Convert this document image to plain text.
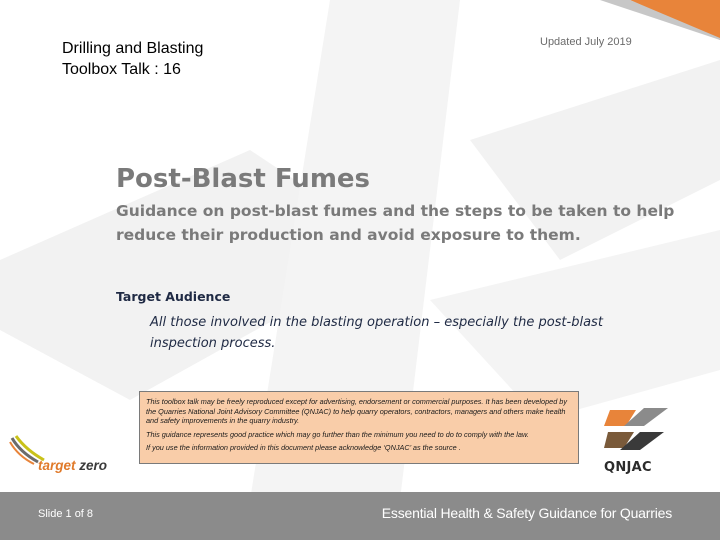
Drilling and Blasting
Toolbox Talk : 16
Updated July 2019
Post-Blast Fumes
Guidance on post-blast fumes and the steps to be taken to help reduce their production and avoid exposure to them.
Target Audience
All those involved in the blasting operation – especially the post-blast inspection process.

This toolbox talk may be freely reproduced except for advertising, endorsement or commercial purposes. It has been developed by the Quarries National Joint Advisory Committee (QNJAC) to help quarry operators, contractors, managers and others make health and safety improvements in the quarry industry.

This guidance represents good practice which may go further than the minimum you need to do to comply with the law.

If you use the information provided in this document please acknowledge ‘QNJAC’ as the source .

target zero	QNJAC
Slide 1 of 8	Essential Health & Safety Guidance for Quarries
